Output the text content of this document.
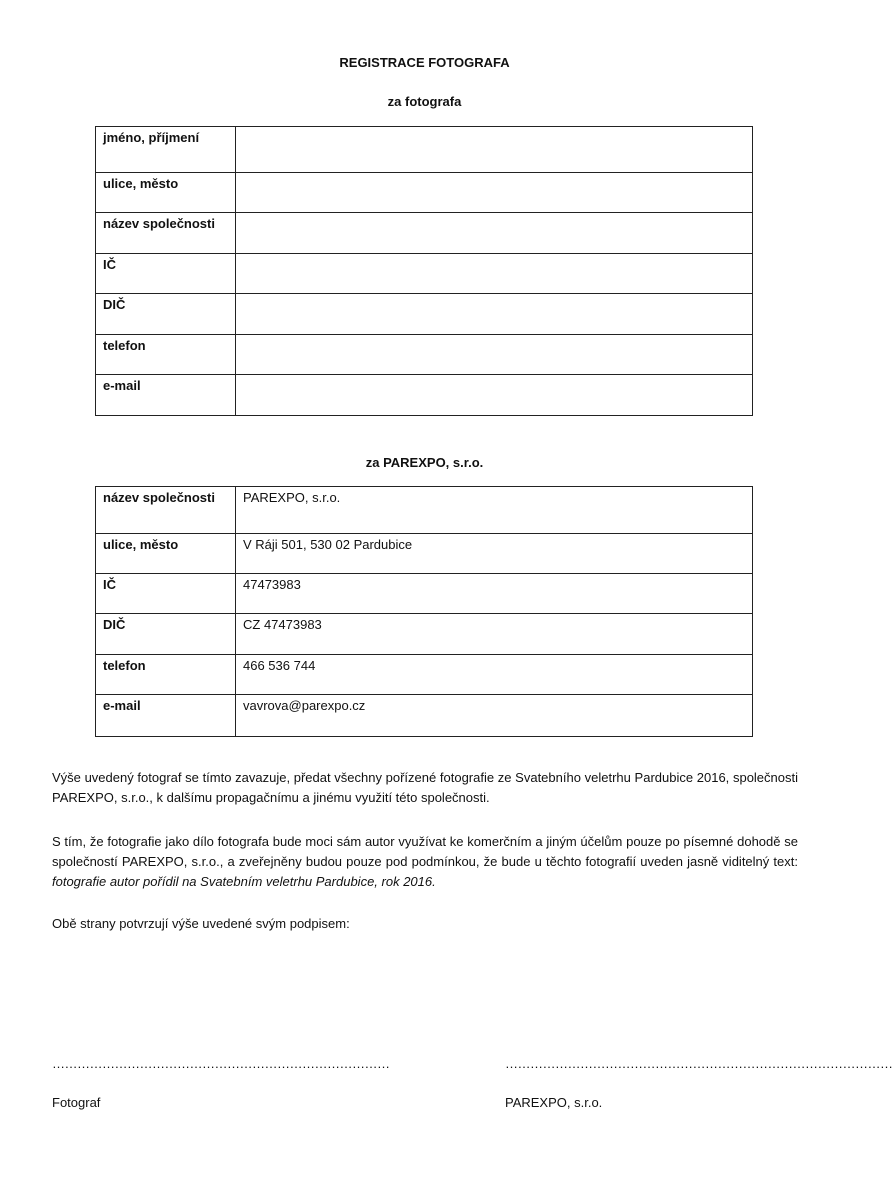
REGISTRACE FOTOGRAFA
za fotografa
jméno, příjmení	
ulice, město	
název společnosti	
IČ	
DIČ	
telefon	
e-mail	
za PAREXPO, s.r.o.
název společnosti	PAREXPO, s.r.o.
ulice, město	V Ráji 501, 530 02 Pardubice
IČ	47473983
DIČ	CZ 47473983
telefon	466 536 744
e-mail	vavrova@parexpo.cz
Výše uvedený fotograf se tímto zavazuje, předat všechny pořízené fotografie ze Svatebního veletrhu Pardubice 2016, společnosti PAREXPO, s.r.o., k dalšímu propagačnímu a jinému využití této společnosti.
S tím, že fotografie jako dílo fotografa bude moci sám autor využívat ke komerčním a jiným účelům pouze po písemné dohodě se společností PAREXPO, s.r.o., a zveřejněny budou pouze pod podmínkou, že bude u těchto fotografií uveden jasně viditelný text: fotografie autor pořídil na Svatebním veletrhu Pardubice, rok 2016.
Obě strany potvrzují výše uvedené svým podpisem:
………………………………………………………………………	…………………………………………………………………………………
Fotograf	PAREXPO, s.r.o.
